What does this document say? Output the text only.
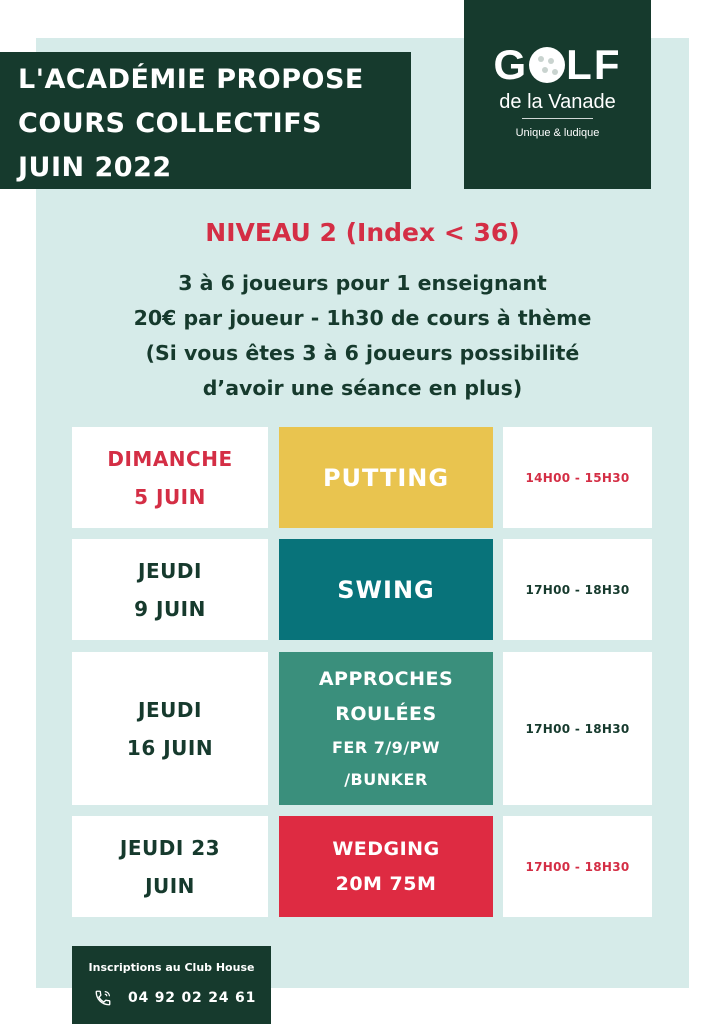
L'ACADÉMIE PROPOSE
COURS COLLECTIFS
JUIN 2022
G LF
de la Vanade
Unique & ludique
NIVEAU 2 (Index < 36)
3 à 6 joueurs pour 1 enseignant
20€ par joueur - 1h30 de cours à thème
(Si vous êtes 3 à 6 joueurs possibilité
d’avoir une séance en plus)
DIMANCHE
5 JUIN
PUTTING	14H00 - 15H30
JEUDI
9 JUIN
SWING	17H00 - 18H30
JEUDI
16 JUIN
APPROCHES
ROULÉES
FER 7/9/PW
/BUNKER
17H00 - 18H30
JEUDI 23
JUIN
WEDGING
20M 75M
17H00 - 18H30
Inscriptions au Club House
04 92 02 24 61
